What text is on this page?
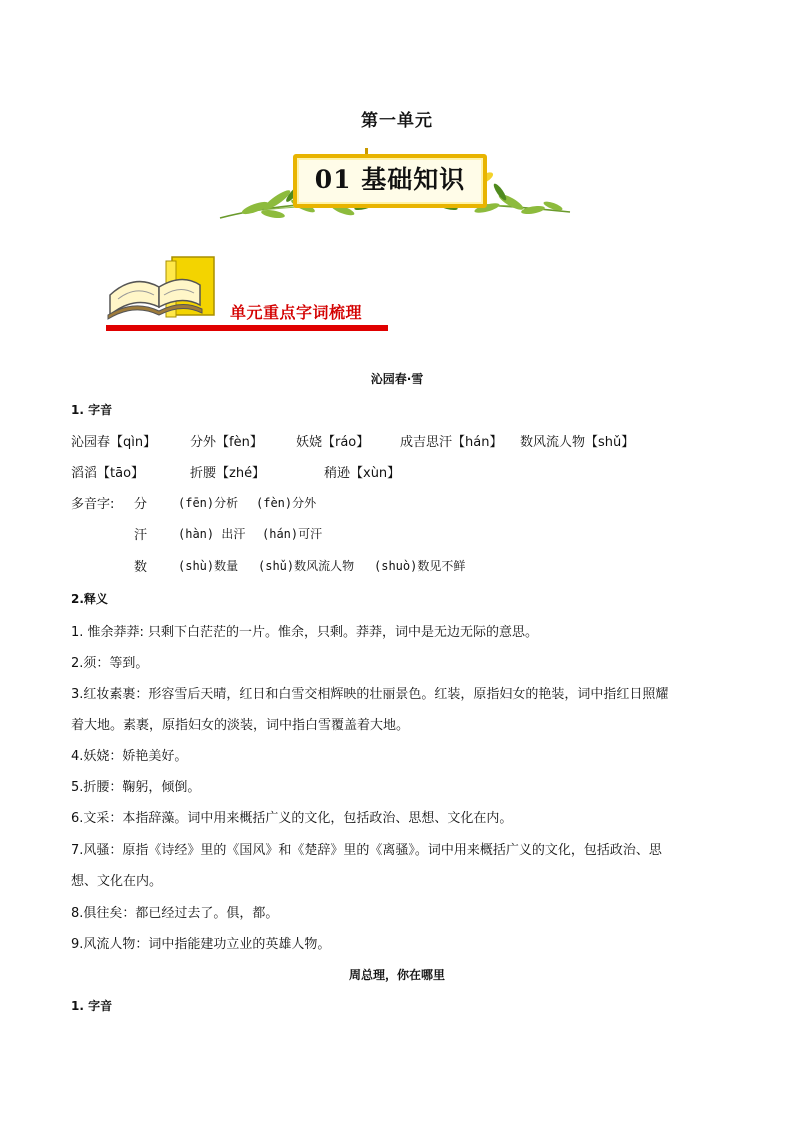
第一单元
01 基础知识
单元重点字词梳理
沁园春·雪
1. 字音
沁园春【qìn】	分外【fèn】	妖娆【ráo】 成吉思汗【hán】 数风流人物【shǔ】
滔滔【tāo】	折腰【zhé】	稍逊【xùn】
多音字: 分	(fēn)分析 (fèn)分外
汗	(hàn) 出汗 (hán)可汗
数	(shù)数量 (shǔ)数风流人物 (shuò)数见不鲜
2.释义
1. 惟余莽莽: 只剩下白茫茫的一片。惟余，只剩。莽莽，词中是无边无际的意思。
2.须：等到。
3.红妆素裹：形容雪后天晴，红日和白雪交相辉映的壮丽景色。红装，原指妇女的艳装，词中指红日照耀
着大地。素裹，原指妇女的淡装，词中指白雪覆盖着大地。
4.妖娆：娇艳美好。
5.折腰：鞠躬，倾倒。
6.文采：本指辞藻。词中用来概括广义的文化，包括政治、思想、文化在内。
7.风骚：原指《诗经》里的《国风》和《楚辞》里的《离骚》。词中用来概括广义的文化，包括政治、思
想、文化在内。
8.俱往矣：都已经过去了。俱，都。
9.风流人物：词中指能建功立业的英雄人物。
周总理，你在哪里
1. 字音
